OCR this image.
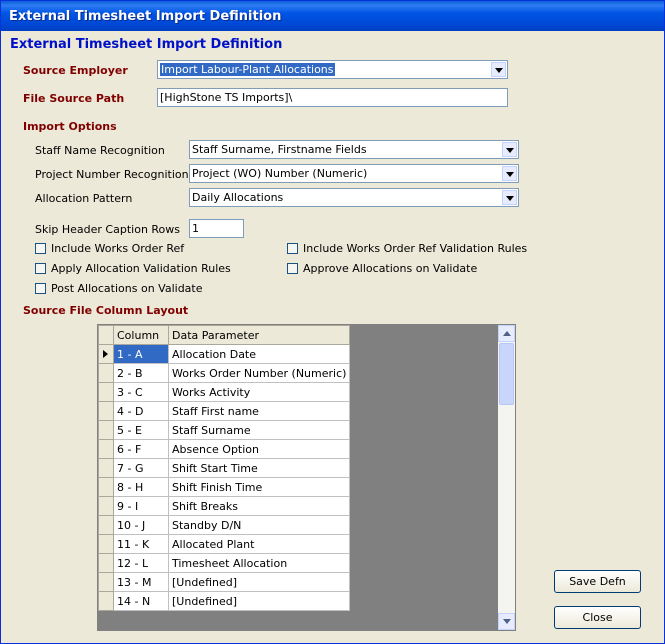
External Timesheet Import Definition
External Timesheet Import Definition
Source Employer	Import Labour-Plant Allocations
File Source Path	[HighStone TS Imports]\
Import Options
Staff Name Recognition Staff Surname, Firstname Fields
Project Number Recognition Project (WO) Number (Numeric)
Allocation Pattern	Daily Allocations
Skip Header Caption Rows 1
Include Works Order Ref	Include Works Order Ref Validation Rules
Apply Allocation Validation Rules	Approve Allocations on Validate
Post Allocations on Validate
Source File Column Layout
	Column	Data Parameter

	1 - A	Allocation Date
	2 - B	Works Order Number (Numeric)
	3 - C	Works Activity
	4 - D	Staff First name
	5 - E	Staff Surname
	6 - F	Absence Option
	7 - G	Shift Start Time
	8 - H	Shift Finish Time
	9 - I	Shift Breaks
	10 - J	Standby D/N
	11 - K	Allocated Plant
	12 - L	Timesheet Allocation
	13 - M	[Undefined]
	14 - N	[Undefined]
Save Defn
Close
